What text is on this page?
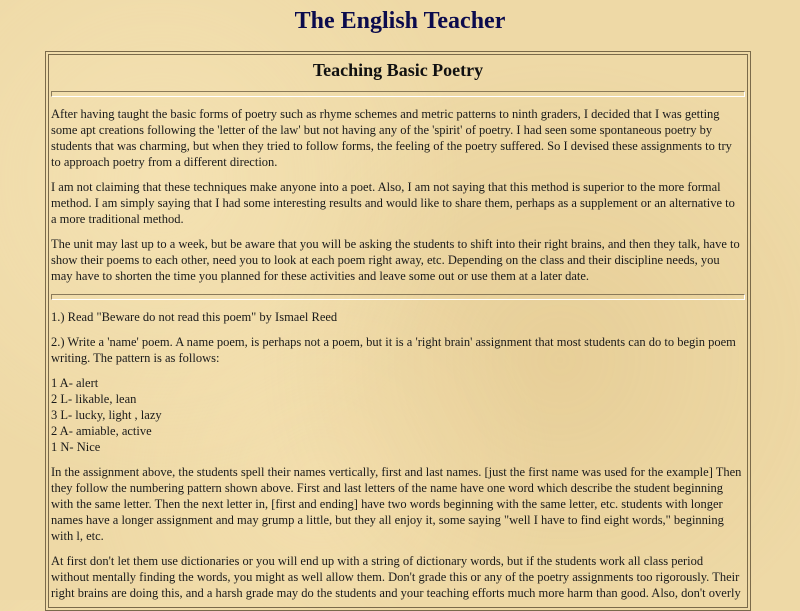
The English Teacher
Teaching Basic Poetry

After having taught the basic forms of poetry such as rhyme schemes and metric patterns to ninth graders, I decided that I was getting some apt creations following the 'letter of the law' but not having any of the 'spirit' of poetry. I had seen some spontaneous poetry by students that was charming, but when they tried to follow forms, the feeling of the poetry suffered. So I devised these assignments to try to approach poetry from a different direction.

I am not claiming that these techniques make anyone into a poet. Also, I am not saying that this method is superior to the more formal method. I am simply saying that I had some interesting results and would like to share them, perhaps as a supplement or an alternative to a more traditional method.

The unit may last up to a week, but be aware that you will be asking the students to shift into their right brains, and then they talk, have to show their poems to each other, need you to look at each poem right away, etc. Depending on the class and their discipline needs, you may have to shorten the time you planned for these activities and leave some out or use them at a later date.

1.) Read "Beware do not read this poem" by Ismael Reed

2.) Write a 'name' poem. A name poem, is perhaps not a poem, but it is a 'right brain' assignment that most students can do to begin poem writing. The pattern is as follows:

1 A- alert
2 L- likable, lean
3 L- lucky, light , lazy
2 A- amiable, active
1 N- Nice

In the assignment above, the students spell their names vertically, first and last names. [just the first name was used for the example] Then they follow the numbering pattern shown above. First and last letters of the name have one word which describe the student beginning with the same letter. Then the next letter in, [first and ending] have two words beginning with the same letter, etc. students with longer names have a longer assignment and may grump a little, but they all enjoy it, some saying "well I have to find eight words," beginning with l, etc.

At first don't let them use dictionaries or you will end up with a string of dictionary words, but if the students work all class period without mentally finding the words, you might as well allow them. Don't grade this or any of the poetry assignments too rigorously. Their right brains are doing this, and a harsh grade may do the students and your teaching efforts much more harm than good. Also, don't overly
